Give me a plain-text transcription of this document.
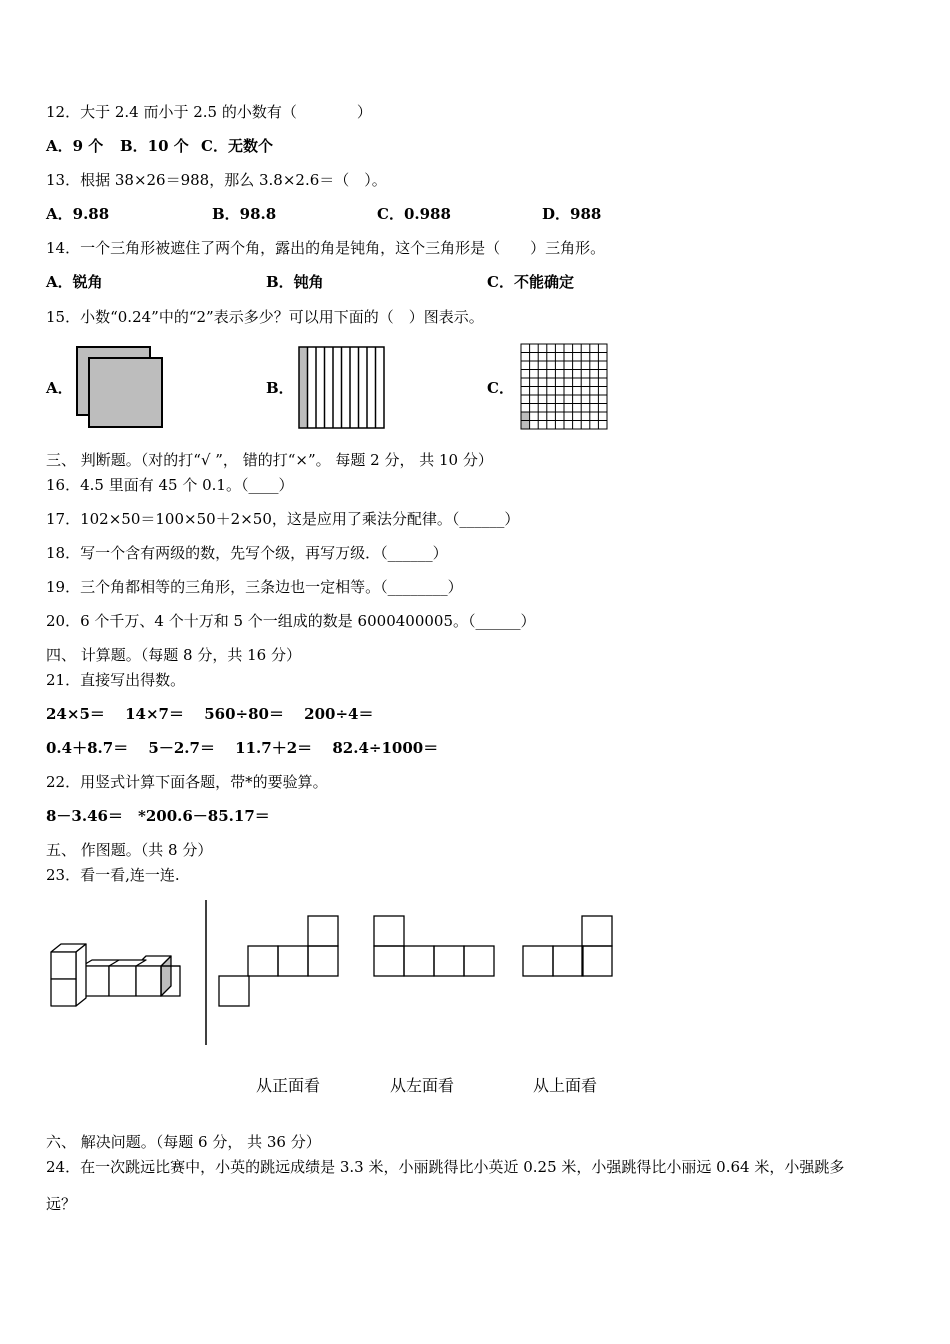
12．大于 2.4 而小于 2.5 的小数有（　　　　）
A．9 个 B．10 个 C．无数个
13．根据 38×26＝988，那么 3.8×2.6＝（　）。
A．9.88	B．98.8	C．0.988	D．988
14．一个三角形被遮住了两个角，露出的角是钝角，这个三角形是（　　）三角形。
A．锐角	B．钝角	C．不能确定
15．小数“0.24”中的“2”表示多少？可以用下面的（　）图表示。
A．	B．	C．
三、 判断题。（对的打“√ ”， 错的打“×”。 每题 2 分， 共 10 分）
16．4.5 里面有 45 个 0.1。（____）
17．102×50＝100×50＋2×50，这是应用了乘法分配律。（______）
18．写一个含有两级的数，先写个级，再写万级．（______）
19．三个角都相等的三角形，三条边也一定相等。（________）
20．6 个千万、4 个十万和 5 个一组成的数是 6000400005。（______）
四、 计算题。（每题 8 分，共 16 分）
21．直接写出得数。
24×5＝　 14×7＝　 560÷80＝　 200÷4＝
0.4＋8.7＝　 5－2.7＝　 11.7＋2＝　 82.4÷1000＝
22．用竖式计算下面各题，带*的要验算。
8－3.46＝　*200.6－85.17＝
五、 作图题。（共 8 分）
23．看一看,连一连.
从正面看	从左面看	从上面看
六、 解决问题。（每题 6 分， 共 36 分）
24．在一次跳远比赛中，小英的跳远成绩是 3.3 米，小丽跳得比小英近 0.25 米，小强跳得比小丽远 0.64 米，小强跳多
远？
